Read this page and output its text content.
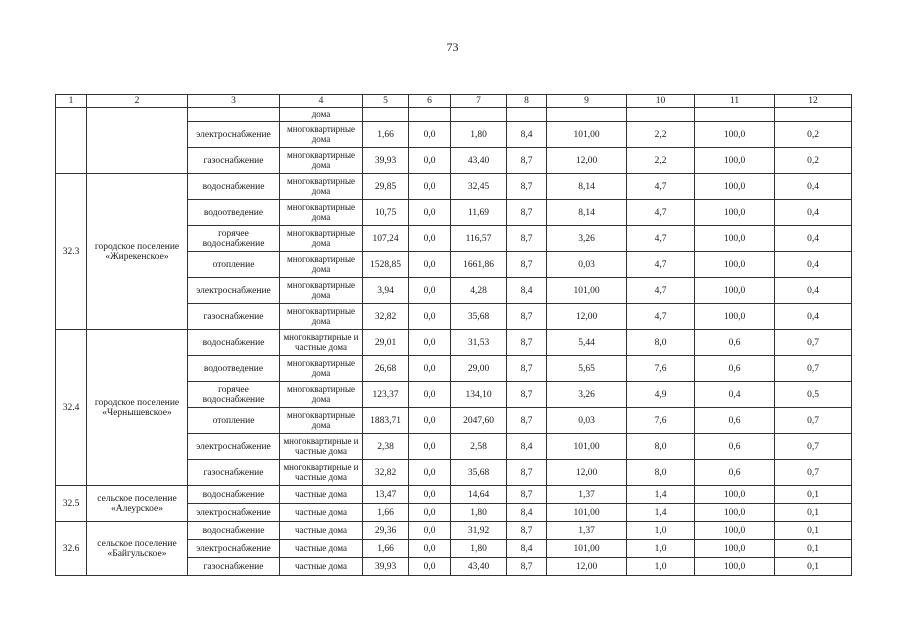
73
1	2	3	4	5	6	7	8	9	10	11	12
			дома								
		электроснабжение	многоквартирные дома	1,66	0,0	1,80	8,4	101,00	2,2	100,0	0,2
		газоснабжение	многоквартирные дома	39,93	0,0	43,40	8,7	12,00	2,2	100,0	0,2
32.3	городское поселение «Жирекенское»	водоснабжение	многоквартирные дома	29,85	0,0	32,45	8,7	8,14	4,7	100,0	0,4
		водоотведение	многоквартирные дома	10,75	0,0	11,69	8,7	8,14	4,7	100,0	0,4
		горячее водоснабжение	многоквартирные дома	107,24	0,0	116,57	8,7	3,26	4,7	100,0	0,4
		отопление	многоквартирные дома	1528,85	0,0	1661,86	8,7	0,03	4,7	100,0	0,4
		электроснабжение	многоквартирные дома	3,94	0,0	4,28	8,4	101,00	4,7	100,0	0,4
		газоснабжение	многоквартирные дома	32,82	0,0	35,68	8,7	12,00	4,7	100,0	0,4
32.4	городское поселение «Чернышевское»	водоснабжение	многоквартирные и частные дома	29,01	0,0	31,53	8,7	5,44	8,0	0,6	0,7
		водоотведение	многоквартирные дома	26,68	0,0	29,00	8,7	5,65	7,6	0,6	0,7
		горячее водоснабжение	многоквартирные дома	123,37	0,0	134,10	8,7	3,26	4,9	0,4	0,5
		отопление	многоквартирные дома	1883,71	0,0	2047,60	8,7	0,03	7,6	0,6	0,7
		электроснабжение	многоквартирные и частные дома	2,38	0,0	2,58	8,4	101,00	8,0	0,6	0,7
		газоснабжение	многоквартирные и частные дома	32,82	0,0	35,68	8,7	12,00	8,0	0,6	0,7
32.5	сельское поселение «Алеурское»	водоснабжение	частные дома	13,47	0,0	14,64	8,7	1,37	1,4	100,0	0,1
		электроснабжение	частные дома	1,66	0,0	1,80	8,4	101,00	1,4	100,0	0,1
32.6	сельское поселение «Байгульское»	водоснабжение	частные дома	29,36	0,0	31,92	8,7	1,37	1,0	100,0	0,1
		электроснабжение	частные дома	1,66	0,0	1,80	8,4	101,00	1,0	100,0	0,1
		газоснабжение	частные дома	39,93	0,0	43,40	8,7	12,00	1,0	100,0	0,1
